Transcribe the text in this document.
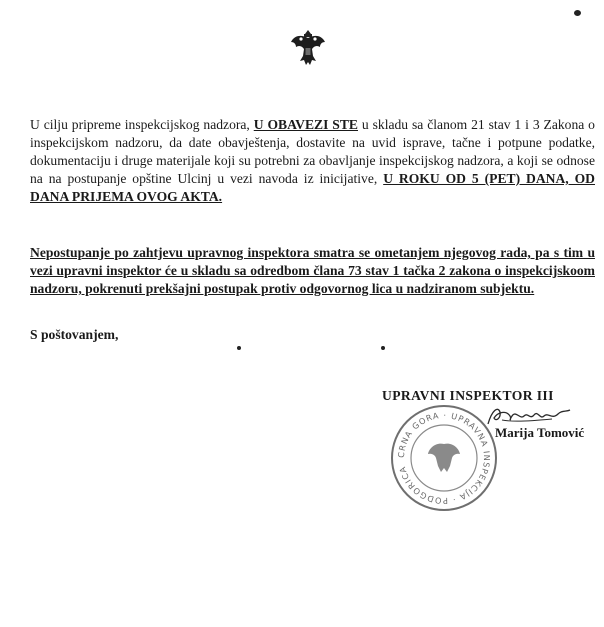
U cilju pripreme inspekcijskog nadzora, U OBAVEZI STE u skladu sa članom 21 stav 1 i 3 Zakona o inspekcijskom nadzoru, da date obavještenja, dostavite na uvid isprave, tačne i potpune podatke, dokumentaciju i druge materijale koji su potrebni za obavljanje inspekcijskog nadzora, a koji se odnose na na postupanje opštine Ulcinj u vezi navoda iz inicijative, U ROKU OD 5 (PET) DANA, OD DANA PRIJEMA OVOG AKTA.
Nepostupanje po zahtjevu upravnog inspektora smatra se ometanjem njegovog rada, pa s tim u vezi upravni inspektor će u skladu sa odredbom člana 73 stav 1 tačka 2 zakona o inspekcijskoom nadzoru, pokrenuti prekšajni postupak protiv odgovornog lica u nadziranom subjektu.
S poštovanjem,
UPRAVNI INSPEKTOR III
Marija Tomović
CRNA GORA · UPRAVNA INSPEKCIJA · PODGORICA
